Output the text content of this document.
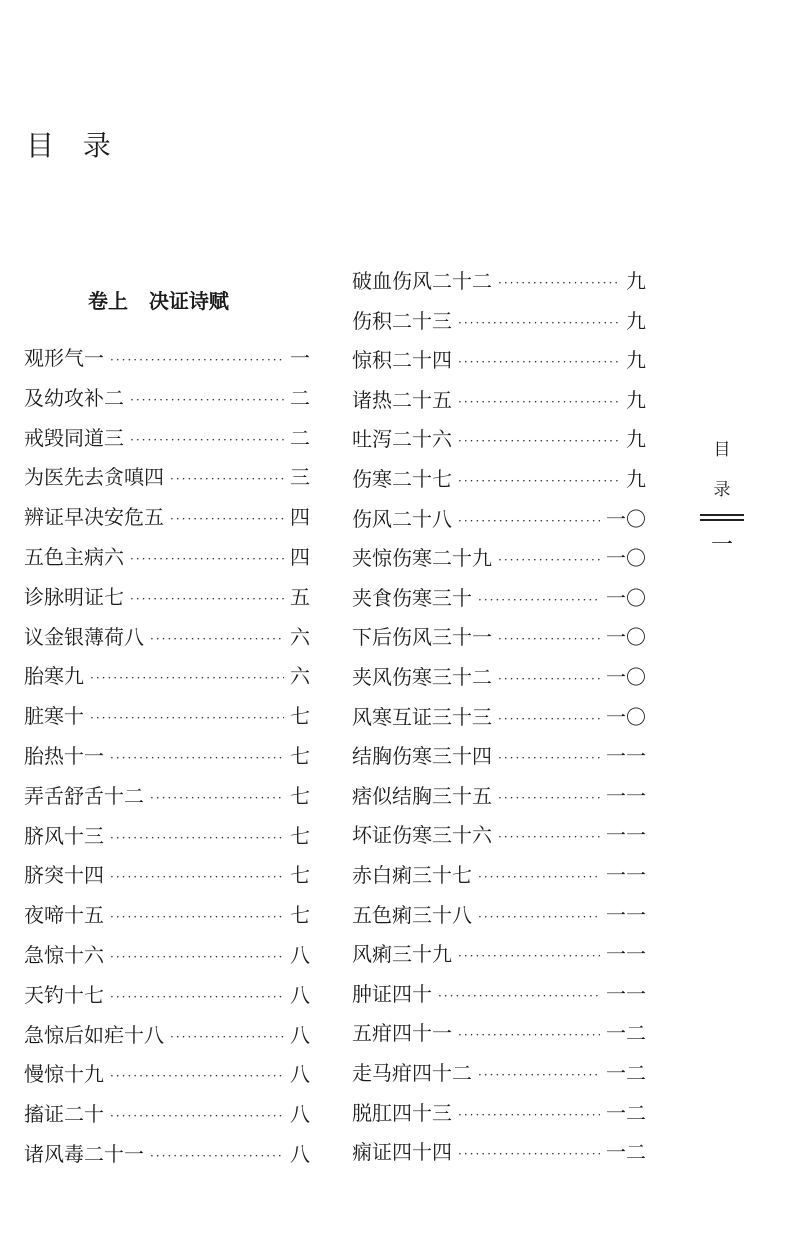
目 录
卷上   决证诗赋
观形气一 ·····	一
及幼攻补二 ·····	二
戒毁同道三 ·····	二
为医先去贪嗔四 ·····	三
辨证早决安危五 ·····	四
五色主病六 ·····	四
诊脉明证七 ·····	五
议金银薄荷八 ·····	六
胎寒九 ·····	六
脏寒十 ·····	七
胎热十一 ·····	七
弄舌舒舌十二 ·····	七
脐风十三 ·····	七
脐突十四 ·····	七
夜啼十五 ·····	七
急惊十六 ·····	八
天钓十七 ·····	八
急惊后如疟十八 ·····	八
慢惊十九 ·····	八
搐证二十 ·····	八
诸风毒二十一 ·····	八
破血伤风二十二 ·····	九
伤积二十三 ·····	九
惊积二十四 ·····	九
诸热二十五 ·····	九
吐泻二十六 ·····	九
伤寒二十七 ·····	九
伤风二十八 ·····	一〇
夹惊伤寒二十九 ·····	一〇
夹食伤寒三十 ·····	一〇
下后伤风三十一 ·····	一〇
夹风伤寒三十二 ·····	一〇
风寒互证三十三 ·····	一〇
结胸伤寒三十四 ·····	一一
痞似结胸三十五 ·····	一一
坏证伤寒三十六 ·····	一一
赤白痢三十七 ·····	一一
五色痢三十八 ·····	一一
风痢三十九 ·····	一一
肿证四十 ·····	一一
五疳四十一 ·····	一二
走马疳四十二 ·····	一二
脱肛四十三 ·····	一二
痫证四十四 ·····	一二
目
录
一
